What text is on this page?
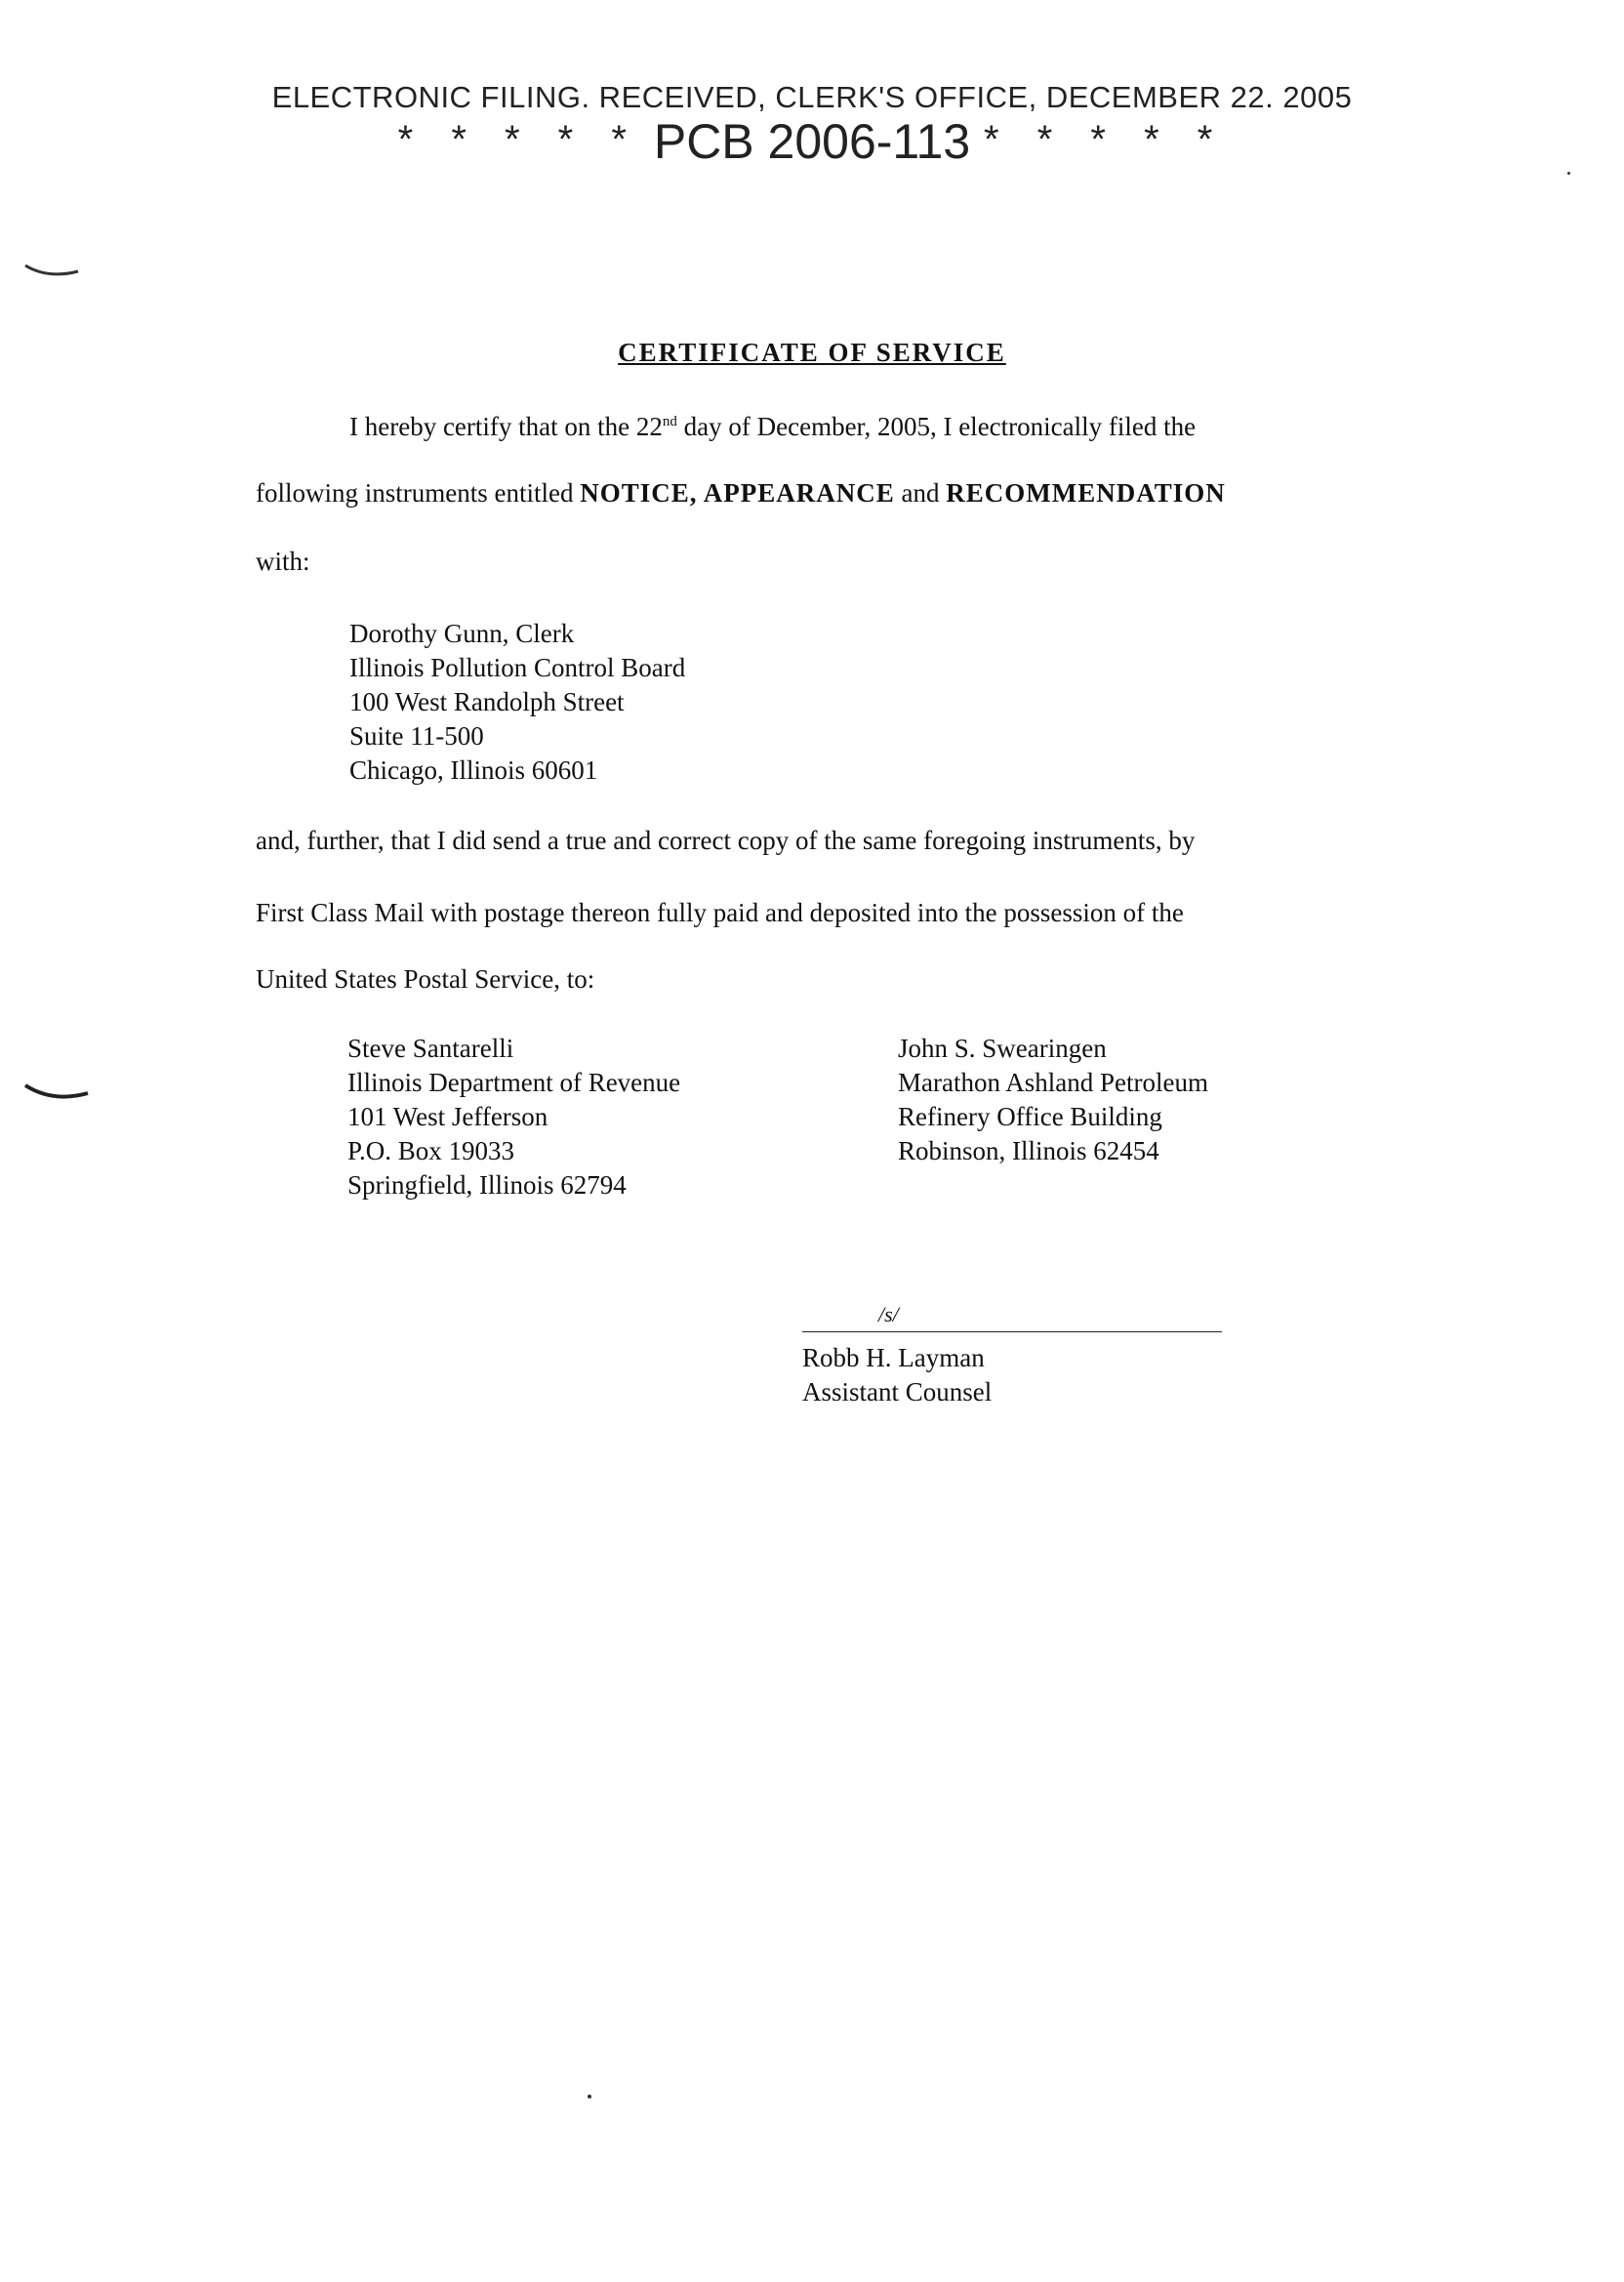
ELECTRONIC FILING. RECEIVED, CLERK'S OFFICE, DECEMBER 22. 2005
* * * * * PCB 2006-113 * * * * *
CERTIFICATE OF SERVICE
I hereby certify that on the 22nd day of December, 2005, I electronically filed the
following instruments entitled NOTICE, APPEARANCE and RECOMMENDATION
with:
Dorothy Gunn, Clerk
Illinois Pollution Control Board
100 West Randolph Street
Suite 11-500
Chicago, Illinois 60601
and, further, that I did send a true and correct copy of the same foregoing instruments, by
First Class Mail with postage thereon fully paid and deposited into the possession of the
United States Postal Service, to:
Steve Santarelli
Illinois Department of Revenue
101 West Jefferson
P.O. Box 19033
Springfield, Illinois 62794
John S. Swearingen
Marathon Ashland Petroleum
Refinery Office Building
Robinson, Illinois 62454
/s/
Robb H. Layman
Assistant Counsel
